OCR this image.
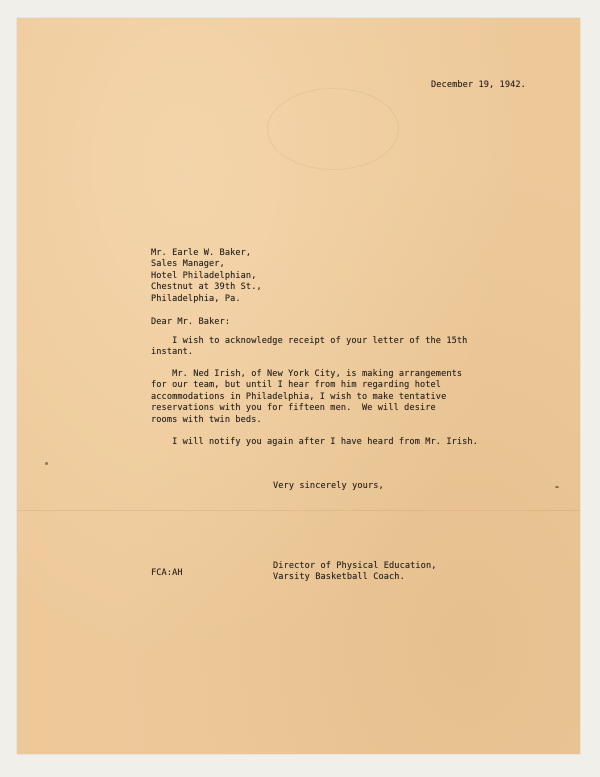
December 19, 1942.
Mr. Earle W. Baker,
Sales Manager,
Hotel Philadelphian,
Chestnut at 39th St.,
Philadelphia, Pa.
Dear Mr. Baker:
I wish to acknowledge receipt of your letter of the 15th
instant.
Mr. Ned Irish, of New York City, is making arrangements
for our team, but until I hear from him regarding hotel
accommodations in Philadelphia, I wish to make tentative
reservations with you for fifteen men.  We will desire
rooms with twin beds.
I will notify you again after I have heard from Mr. Irish.
Very sincerely yours,
Director of Physical Education,
Varsity Basketball Coach.
FCA:AH
